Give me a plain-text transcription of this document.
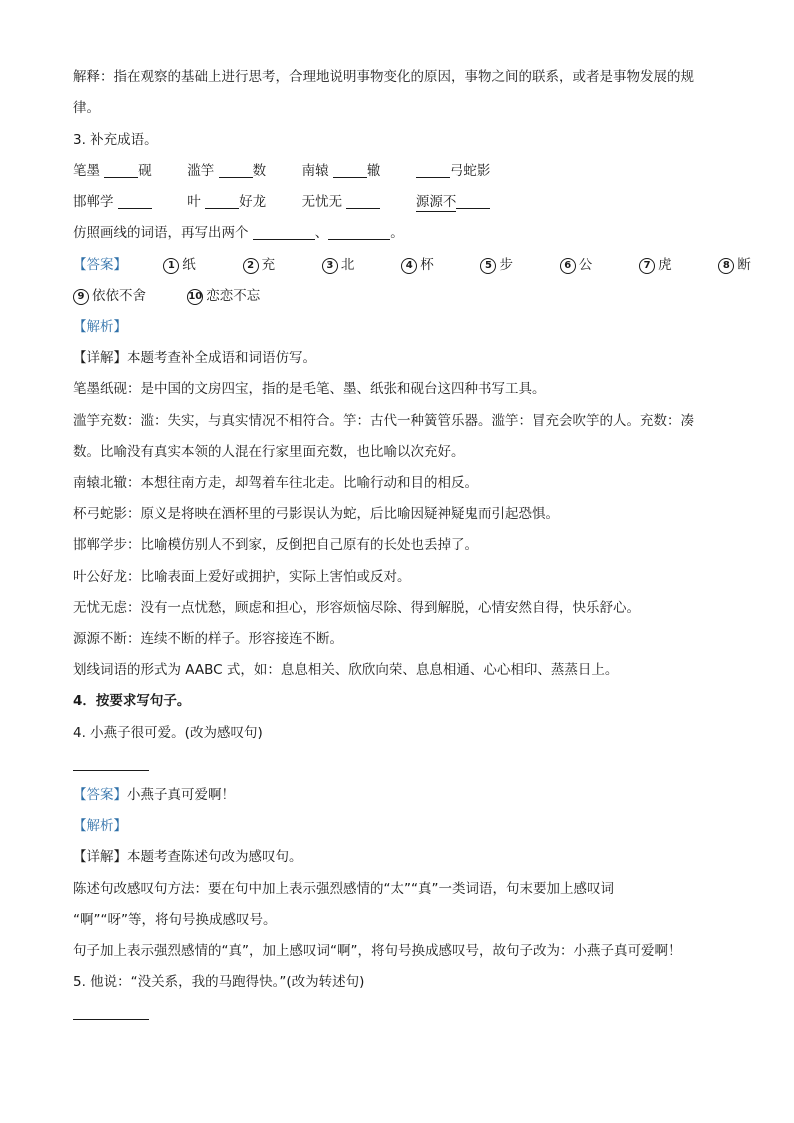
解释：指在观察的基础上进行思考，合理地说明事物变化的原因，事物之间的联系，或者是事物发展的规
律。
3. 补充成语。
笔墨	砚	滥竽	数	南辕	辙	弓蛇影
邯郸学	叶	好龙	无忧无	源源不
仿照画线的词语，再写出两个	、	。
【答案】	1 纸	2 充	3 北	4 杯	5 步	6 公	7 虎	8 断
9 依依不舍	10 恋恋不忘
【解析】
【详解】本题考查补全成语和词语仿写。
笔墨纸砚：是中国的文房四宝，指的是毛笔、墨、纸张和砚台这四种书写工具。
滥竽充数：滥：失实，与真实情况不相符合。竽：古代一种簧管乐器。滥竽：冒充会吹竽的人。充数：凑
数。比喻没有真实本领的人混在行家里面充数，也比喻以次充好。
南辕北辙：本想往南方走，却驾着车往北走。比喻行动和目的相反。
杯弓蛇影：原义是将映在酒杯里的弓影误认为蛇，后比喻因疑神疑鬼而引起恐惧。
邯郸学步：比喻模仿别人不到家，反倒把自己原有的长处也丢掉了。
叶公好龙：比喻表面上爱好或拥护，实际上害怕或反对。
无忧无虑：没有一点忧愁，顾虑和担心，形容烦恼尽除、得到解脱，心情安然自得，快乐舒心。
源源不断：连续不断的样子。形容接连不断。
划线词语的形式为 AABC 式，如：息息相关、欣欣向荣、息息相通、心心相印、蒸蒸日上。
4．按要求写句子。
4. 小燕子很可爱。(改为感叹句)
【答案】小燕子真可爱啊！
【解析】
【详解】本题考查陈述句改为感叹句。
陈述句改感叹句方法：要在句中加上表示强烈感情的“太”“真”一类词语，句末要加上感叹词
“啊”“呀”等，将句号换成感叹号。
句子加上表示强烈感情的“真”，加上感叹词“啊”，将句号换成感叹号，故句子改为：小燕子真可爱啊！
5. 他说：“没关系，我的马跑得快。”(改为转述句)
